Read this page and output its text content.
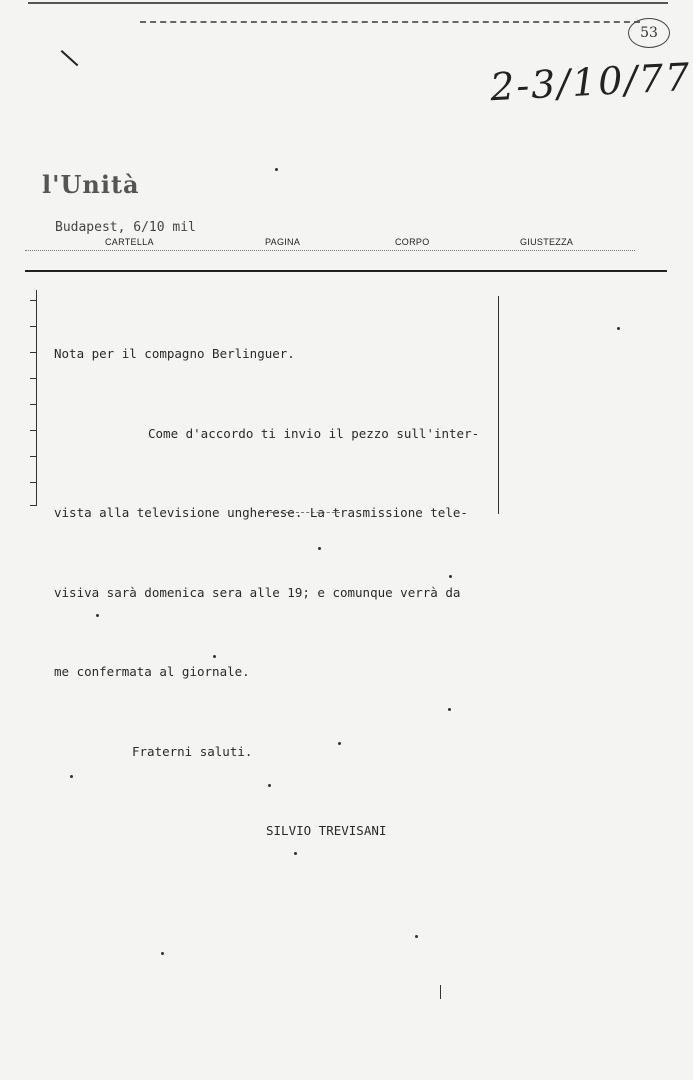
53
2-3/10/77
l'Unità
Budapest, 6/10 mil
CARTELLA	PAGINA	CORPO	GIUSTEZZA

Nota per il compagno Berlinguer.

Come d'accordo ti invio il pezzo sull'inter-

vista alla televisione ungherese. La trasmissione tele-

visiva sarà domenica sera alle 19; e comunque verrà da

me confermata al giornale.

Fraterni saluti.

SILVIO TREVISANI
